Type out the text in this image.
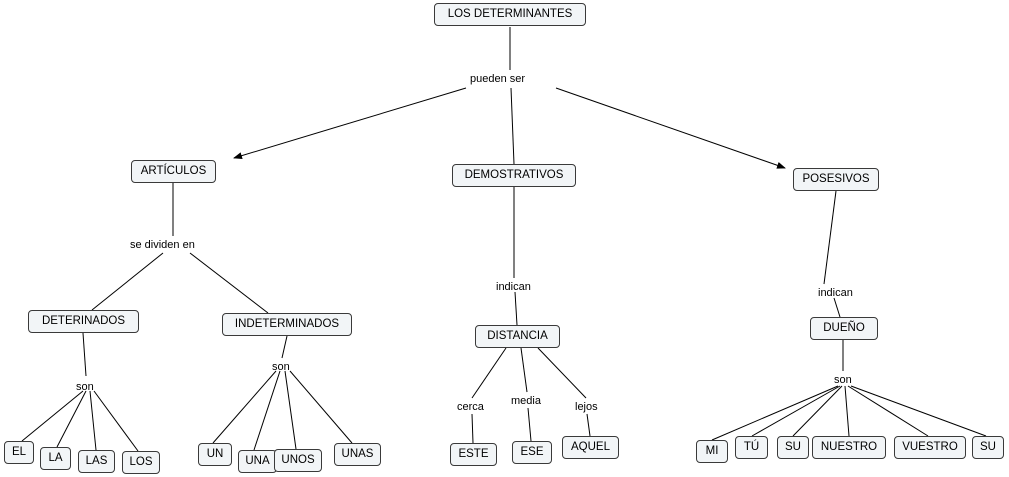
LOS DETERMINANTES
ARTÍCULOS	DEMOSTRATIVOS	POSESIVOS
DETERINADOS	INDETERMINADOS
DISTANCIA
DUEÑO
EL	LA	LAS	LOS
UN
UNA	UNOS	UNAS	ESTE	ESE	AQUEL	MI	TÚ	SU	NUESTRO	VUESTRO	SU
pueden ser
se dividen en
son
son
indican
cerca media	lejos
indican
son
